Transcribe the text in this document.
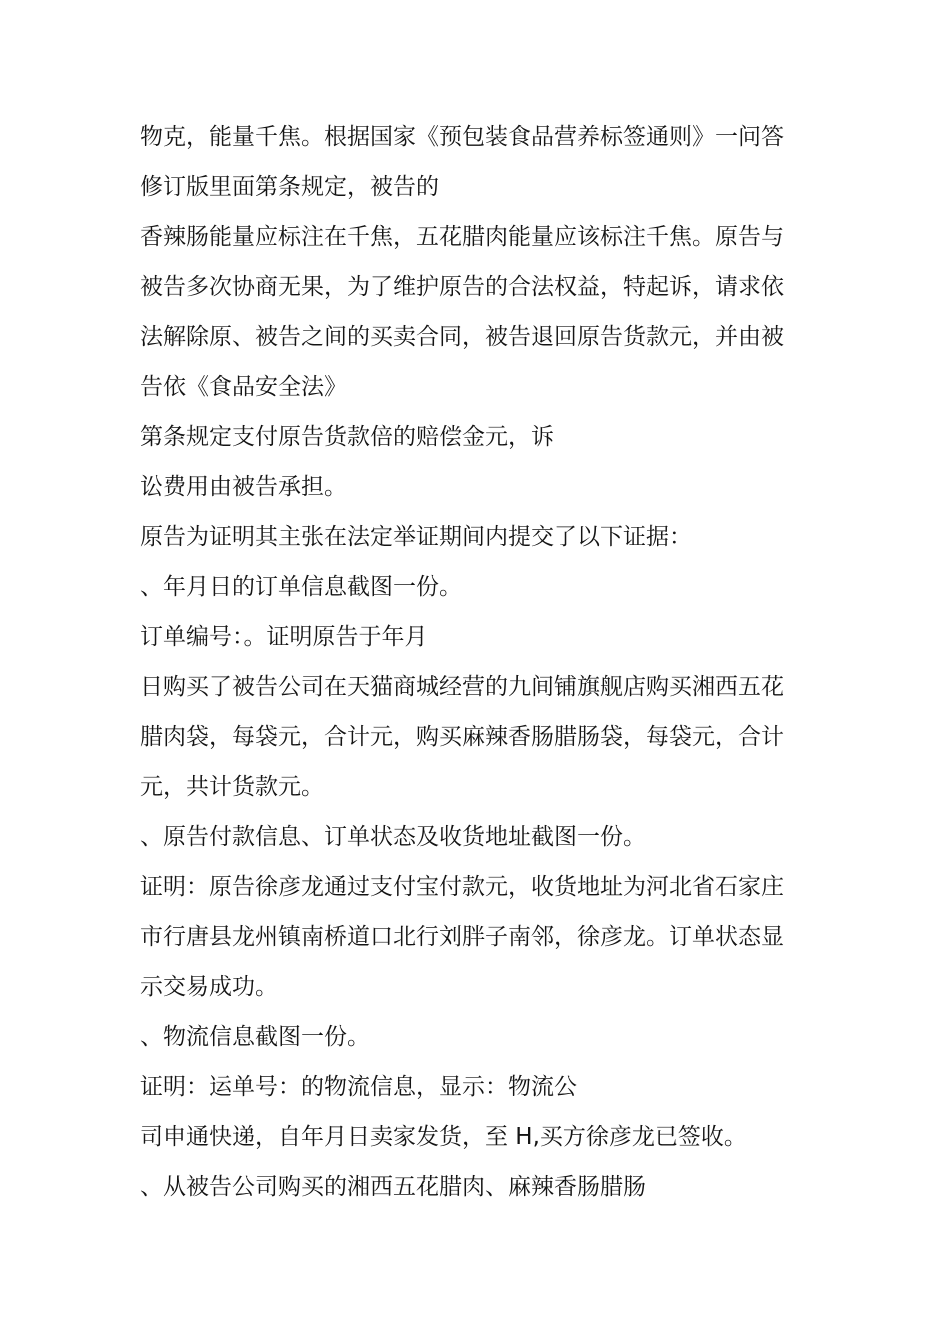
物克，能量千焦。根据国家《预包装食品营养标签通则》一问答
修订版里面第条规定，被告的
香辣肠能量应标注在千焦，五花腊肉能量应该标注千焦。原告与
被告多次协商无果，为了维护原告的合法权益，特起诉，请求依
法解除原、被告之间的买卖合同，被告退回原告货款元，并由被
告依《食品安全法》
第条规定支付原告货款倍的赔偿金元，诉
讼费用由被告承担。
原告为证明其主张在法定举证期间内提交了以下证据：
、年月日的订单信息截图一份。
订单编号：。证明原告于年月
日购买了被告公司在天猫商城经营的九间铺旗舰店购买湘西五花
腊肉袋，每袋元，合计元，购买麻辣香肠腊肠袋，每袋元，合计
元，共计货款元。
、原告付款信息、订单状态及收货地址截图一份。
证明：原告徐彦龙通过支付宝付款元，收货地址为河北省石家庄
市行唐县龙州镇南桥道口北行刘胖子南邻，徐彦龙。订单状态显
示交易成功。
、物流信息截图一份。
证明：运单号：的物流信息，显示：物流公
司申通快递，自年月日卖家发货，至 H,买方徐彦龙已签收。
、从被告公司购买的湘西五花腊肉、麻辣香肠腊肠
